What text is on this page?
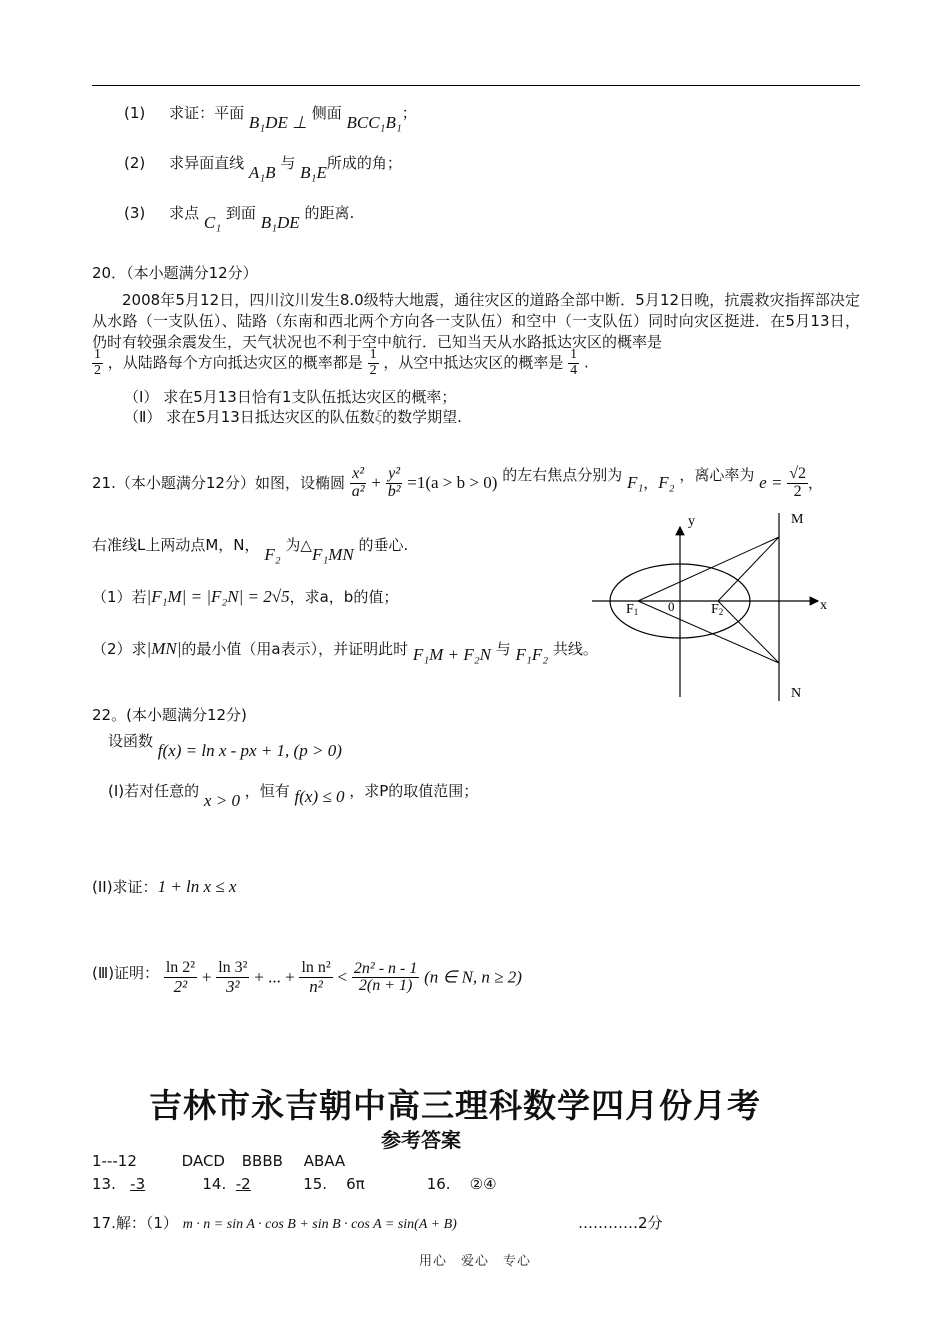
(1) 求证：平面 B₁DE ⊥ 侧面 BCC₁B₁；
(2) 求异面直线 A₁B 与 B₁E所成的角；
(3) 求点 C₁ 到面 B₁DE 的距离.
20．（本小题满分12分）
2008年5月12日，四川汶川发生8.0级特大地震，通往灾区的道路全部中断．5月12日晚，抗震救灾指挥部决定从水路（一支队伍）、陆路（东南和西北两个方向各一支队伍）和空中（一支队伍）同时向灾区挺进．在5月13日，仍时有较强余震发生，天气状况也不利于空中航行．已知当天从水路抵达灾区的概率是
$\frac{1}{2}$ ，从陆路每个方向抵达灾区的概率都是 $\frac{1}{2}$ ，从空中抵达灾区的概率是 $\frac{1}{4}$ .
（Ⅰ） 求在5月13日恰有1支队伍抵达灾区的概率；
（Ⅱ） 求在5月13日抵达灾区的队伍数ξ的数学期望.
21.（本小题满分12分）如图，设椭圆 $\frac{\text{x²}}{\text{a²}} + \frac{\text{y²}}{\text{b²}} =1(a > b > 0)$ 的左右焦点分别为 F₁，F₂ ，离心率为 $e = \frac{√2}{2}$ ，
右准线L上两动点M，N， F₂ 为△F₁MN 的垂心.
（1）若|F₁M| = |F₂N| = 2√5，求a，b的值；
（2）求|MN|的最小值（用a表示），并证明此时 F₁M + F₂N 与 F₁F₂ 共线。
y
x
M
N
F1 0	F2
22。(本小题满分12分)
设函数 f(x) = ln x - px + 1, (p > 0)
(I)若对任意的 x > 0 ，恒有 f(x) ≤ 0 ，求P的取值范围；
(II)求证：1 + ln x ≤ x
(Ⅲ)证明： $\frac{\text{ln 2²}}{\text{2²}} + \frac{\text{ln 3²}}{\text{3²}}$ + ... + $\frac{\text{ln n²}}{\text{n²}} < \frac{\text{2n² - n - 1}}{2(n + 1)} (n$ ∈ N, n ≥ 2)
吉林市永吉朝中高三理科数学四月份月考
参考答案
1---12	DACD BBBB ABAA
13. -3	14. -2	15. 6π	16. ②④
17.解：（1） m · n = sin A · cos B + sin B · cos A = sin(A + B)	…………2分
用心　爱心　专心
